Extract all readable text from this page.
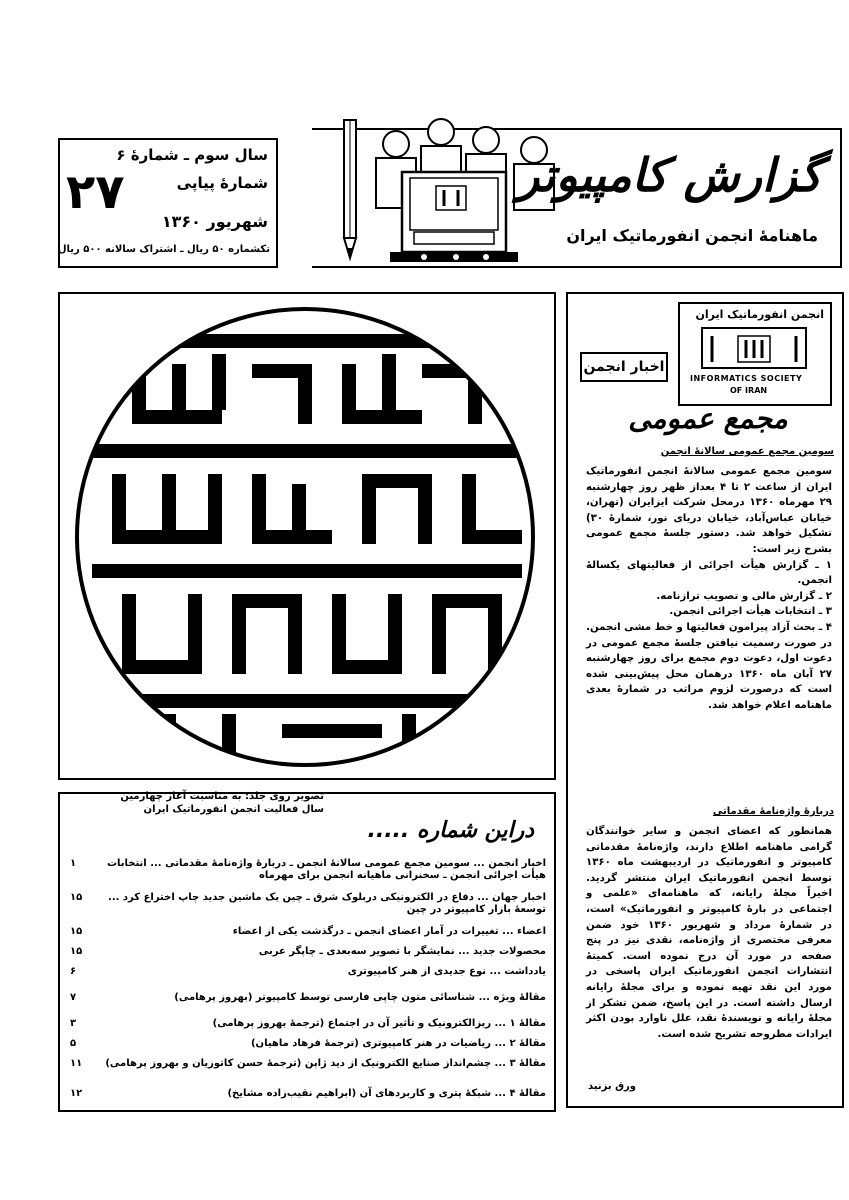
سال سوم ـ شمارۀ ۶
شمارۀ پیاپی
۲۷
شهریور ۱۳۶۰
تکشماره ۵۰ ریال ـ اشتراک سالانه ۵۰۰ ریال
گزارش کامپیوتر
ماهنامۀ انجمن انفورماتیک ایران
انجمن انفورماتیک ایران
INFORMATICS SOCIETY
OF IRAN
اخبار انجمن
مجمع عمومی
سومین مجمع عمومی سالانۀ انجمن

سومین مجمع عمومی سالانۀ انجمن انفورماتیک ایران از ساعت ۲ تا ۴ بعداز ظهر روز چهارشنبه ۲۹ مهرماه ۱۳۶۰ درمحل شرکت ایزایران (تهران، خیابان عباس‌آباد، خیابان دریای نور، شمارۀ ۳۰) تشکیل خواهد شد. دستور جلسۀ مجمع عمومی بشرح زیر است:

۱ ـ گزارش هیأت اجرائی از فعالیتهای یکسالۀ انجمن.
۲ ـ گزارش مالی و تصویب ترازنامه.
۳ ـ انتخابات هیأت اجرائی انجمن.
۴ ـ بحث آزاد پیرامون فعالیتها و خط مشی انجمن.

در صورت رسمیت نیافتن جلسۀ مجمع عمومی در دعوت اول، دعوت دوم مجمع برای روز چهارشنبه ۲۷ آبان ماه ۱۳۶۰ درهمان محل پیش‌بینی شده است که درصورت لزوم مراتب در شمارۀ بعدی ماهنامه اعلام خواهد شد.

دربارۀ واژه‌نامۀ مقدماتی
همانطور که اعضای انجمن و سایر خوانندگان گرامی ماهنامه اطلاع دارند، واژه‌نامۀ مقدماتی کامپیوتر و انفورماتیک در اردیبهشت ماه ۱۳۶۰ توسط انجمن انفورماتیک ایران منتشر گردید. اخیراً مجلۀ رایانه، که ماهنامه‌ای «علمی و اجتماعی در بارۀ کامپیوتر و انفورماتیک» است، در شمارۀ مرداد و شهریور ۱۳۶۰ خود ضمن معرفی مختصری از واژه‌نامه، نقدی نیز در پنج صفحه در مورد آن درج نموده است. کمیتۀ انتشارات انجمن انفورماتیک ایران پاسخی در مورد این نقد تهیه نموده و برای مجلۀ رایانه ارسال داشته است. در این پاسخ، ضمن تشکر از مجلۀ رایانه و نویسندۀ نقد، علل ناوارد بودن اکثر ایرادات مطروحه تشریح شده است.
ورق بزنید
تصویر روی جلد: به مناسبت آغاز چهارمین
سال فعالیت انجمن انفورماتیک ایران
دراین شماره .....
اخبار انجمن ... سومین مجمع عمومی سالانۀ انجمن ـ دربارۀ واژه‌نامۀ مقدماتی ... انتخابات هیأت اجرائی انجمن ـ سخنرانی ماهیانه انجمن برای مهرماه
۱
اخبار جهان ... دفاع در الکترونیکی دربلوک شرق ـ چین یک ماشین جدید چاپ اختراع کرد ... توسعۀ بازار کامپیوتر در چین
۱۵
اعضاء ... تغییرات در آمار اعضای انجمن ـ درگذشت یکی از اعضاء
۱۵
محصولات جدید ... نمایشگر با تصویر سه‌بعدی ـ چاپگر عربی
۱۵
یادداشت ... نوع جدیدی از هنر کامپیوتری
۶
مقالۀ ویژه ... شناسائی متون چاپی فارسی توسط کامپیوتر (بهروز پرهامی)
۷
مقالۀ ۱ ... ریزالکترونیک و تأثیر آن در اجتماع (ترجمۀ بهروز پرهامی)
۳
مقالۀ ۲ ... ریاضیات در هنر کامپیوتری (ترجمۀ فرهاد ماهیان)
۵
مقالۀ ۳ ... چشم‌انداز صنایع الکترونیک از دید ژاپن (ترجمۀ حسن کاتوزیان و بهروز پرهامی)
۱۱
مقالۀ ۴ ... شبکۀ پتری و کاربردهای آن (ابراهیم نقیب‌زاده مشایخ)
۱۲
